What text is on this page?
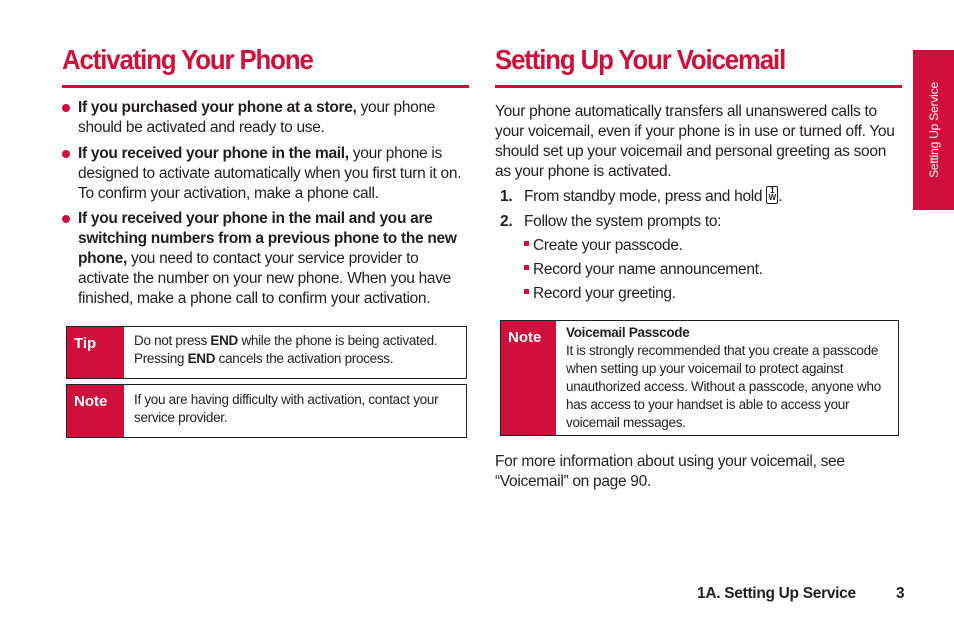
Activating Your Phone
If you purchased your phone at a store, your phone should be activated and ready to use.
If you received your phone in the mail, your phone is designed to activate automatically when you first turn it on. To confirm your activation, make a phone call.
If you received your phone in the mail and you are switching numbers from a previous phone to the new phone, you need to contact your service provider to activate the number on your new phone. When you have finished, make a phone call to confirm your activation.
Tip	Do not press END while the phone is being activated. Pressing END cancels the activation process.
Note	If you are having difficulty with activation, contact your service provider.
Setting Up Your Voicemail
Your phone automatically transfers all unanswered calls to your voicemail, even if your phone is in use or turned off. You should set up your voicemail and personal greeting as soon as your phone is activated.
1. From standby mode, press and hold 1
W .
2. Follow the system prompts to:
Create your passcode.
Record your name announcement.
Record your greeting.
Note	Voicemail Passcode
It is strongly recommended that you create a passcode when setting up your voicemail to protect against unauthorized access. Without a passcode, anyone who has access to your handset is able to access your voicemail messages.
For more information about using your voicemail, see “Voicemail” on page 90.
Setting Up Service
1A. Setting Up Service	3
